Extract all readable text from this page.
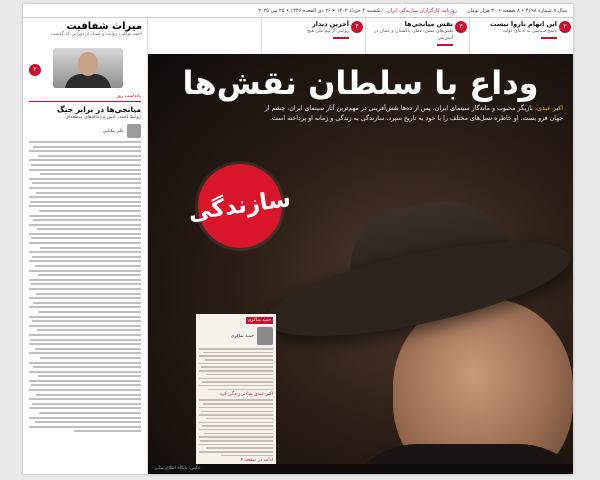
سال ۹ شماره ۴۶۹۸ • ۸ صفحه • ۳۰ هزار تومان
روزنامه کارگزاران سازندگی ایران
یکشنبه ۴ خرداد ۱۴۰۴ • ۲۶ ذی القعده ۱۴۴۶ • ۲۵ می ۲۰۲۵
۲
این اتهام ناروا نیست
پاسخ سیاسی به ادعای دولت
۳
نقش میانجی‌ها
نقش‌های مسن، قطر، پاکستان و عمان در آتش‌بس
۴
آخرین دیدار
روایتی از تیم ملی هیچ
میراث شفافیت
احمد توکلی، روایت و اسناد از دورانی که گذشت
۲
یادداشت روز
میانجی‌ها در برابر جنگ
روابط احمد، کیش و دنباله‌های منطقه‌ای
علی یکتایی
وداع با سلطان نقش‌ها
اکبر عبدی، بازیگر محبوب و ماندگار سینمای ایران، پس از ده‌ها نقش‌آفرینی در مهم‌ترین آثار سینمای ایران، چشم از جهان فرو بست. او خاطره نسل‌های مختلف را با خود به تاریخ سپرد. سازندگی به زندگی و زمانه او پرداخته است.
سازندگی
حمید شاکری
حمید شاکری
اکبر عبدی شادتر زندگی کرد
ادامه در صفحه ۴
عکس: پایگاه اطلاع‌رسانی
